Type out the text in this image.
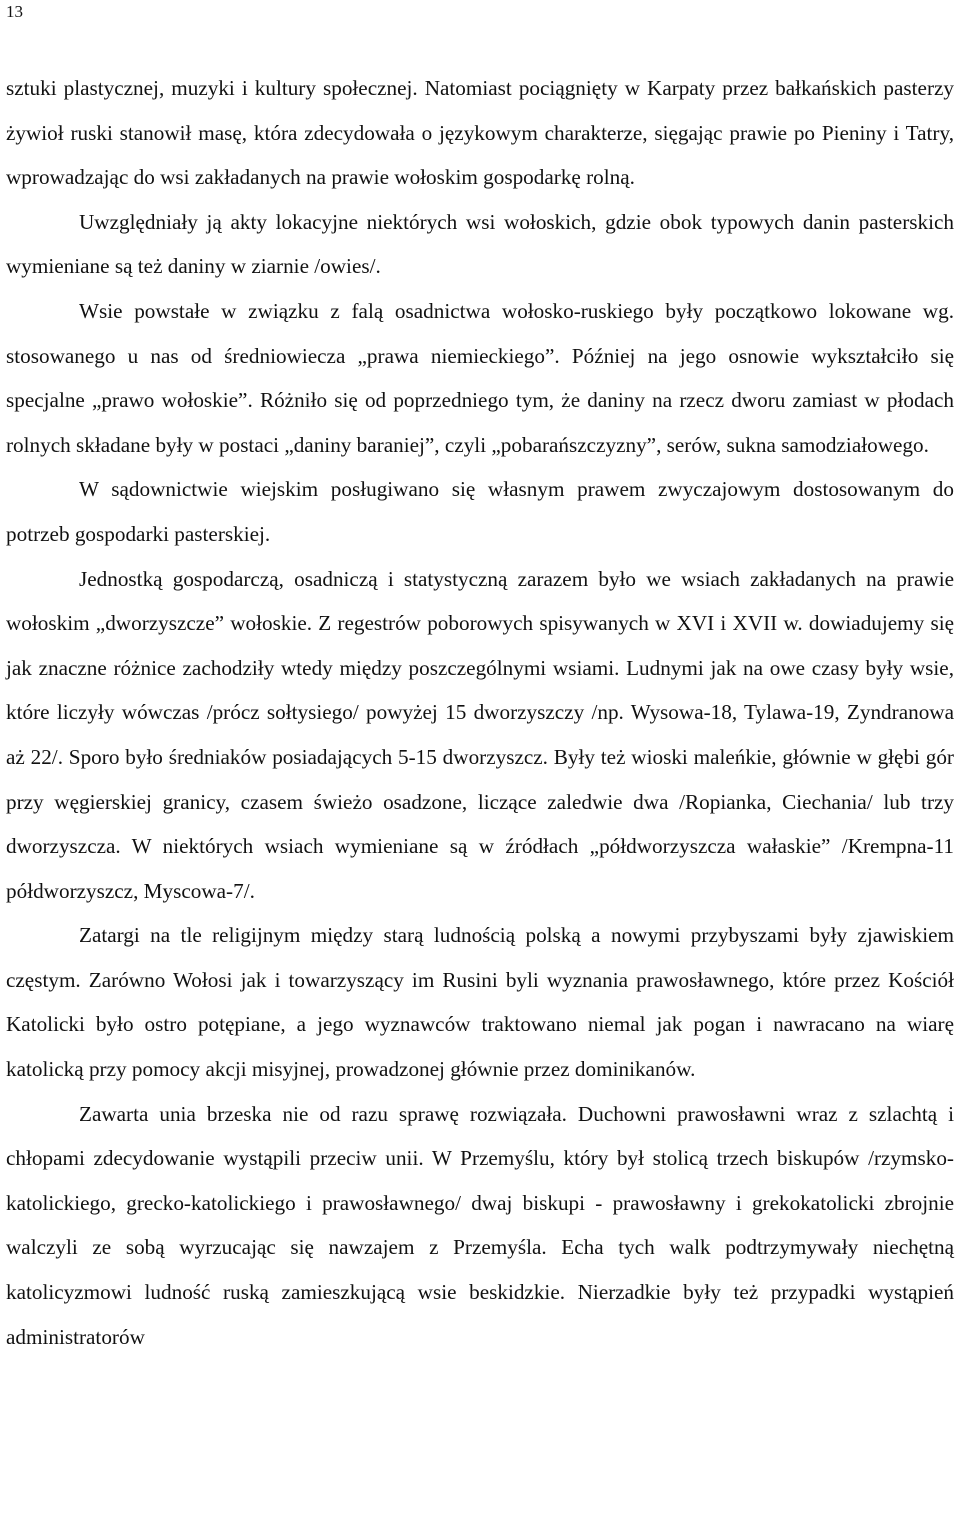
13

sztuki plastycznej, muzyki i kultury społecznej. Natomiast pociągnięty w Karpaty przez bałkańskich pasterzy żywioł ruski stanowił masę, która zdecydowała o językowym charakterze, sięgając prawie po Pieniny i Tatry, wprowadzając do wsi zakładanych na prawie wołoskim gospodarkę rolną.

Uwzględniały ją akty lokacyjne niektórych wsi wołoskich, gdzie obok typowych danin pasterskich wymieniane są też daniny w ziarnie /owies/.

Wsie powstałe w związku z falą osadnictwa wołosko-ruskiego były początkowo lokowane wg. stosowanego u nas od średniowiecza „prawa niemieckiego”. Później na jego osnowie wykształciło się specjalne „prawo wołoskie”. Różniło się od poprzedniego tym, że daniny na rzecz dworu zamiast w płodach rolnych składane były w postaci „daniny baraniej”, czyli „pobarańszczyzny”, serów, sukna samodziałowego.

W sądownictwie wiejskim posługiwano się własnym prawem zwyczajowym dostosowanym do potrzeb gospodarki pasterskiej.

Jednostką gospodarczą, osadniczą i statystyczną zarazem było we wsiach zakładanych na prawie wołoskim „dworzyszcze” wołoskie. Z regestrów poborowych spisywanych w XVI i XVII w. dowiadujemy się jak znaczne różnice zachodziły wtedy między poszczególnymi wsiami. Ludnymi jak na owe czasy były wsie, które liczyły wówczas /prócz sołtysiego/ powyżej 15 dworzyszczy /np. Wysowa-18, Tylawa-19, Zyndranowa aż 22/. Sporo było średniaków posiadających 5-15 dworzyszcz. Były też wioski maleńkie, głównie w głębi gór przy węgierskiej granicy, czasem świeżo osadzone, liczące zaledwie dwa /Ropianka, Ciechania/ lub trzy dworzyszcza. W niektórych wsiach wymieniane są w źródłach „półdworzyszcza wałaskie” /Krempna-11 półdworzyszcz, Myscowa-7/.

Zatargi na tle religijnym między starą ludnością polską a nowymi przybyszami były zjawiskiem częstym. Zarówno Wołosi jak i towarzyszący im Rusini byli wyznania prawosławnego, które przez Kościół Katolicki było ostro potępiane, a jego wyznawców traktowano niemal jak pogan i nawracano na wiarę katolicką przy pomocy akcji misyjnej, prowadzonej głównie przez dominikanów.

Zawarta unia brzeska nie od razu sprawę rozwiązała. Duchowni prawosławni wraz z szlachtą i chłopami zdecydowanie wystąpili przeciw unii. W Przemyślu, który był stolicą trzech biskupów /rzymsko-katolickiego, grecko-katolickiego i prawosławnego/ dwaj biskupi - prawosławny i grekokatolicki zbrojnie walczyli ze sobą wyrzucając się nawzajem z Przemyśla. Echa tych walk podtrzymywały niechętną katolicyzmowi ludność ruską zamieszkującą wsie beskidzkie. Nierzadkie były też przypadki wystąpień administratorów
